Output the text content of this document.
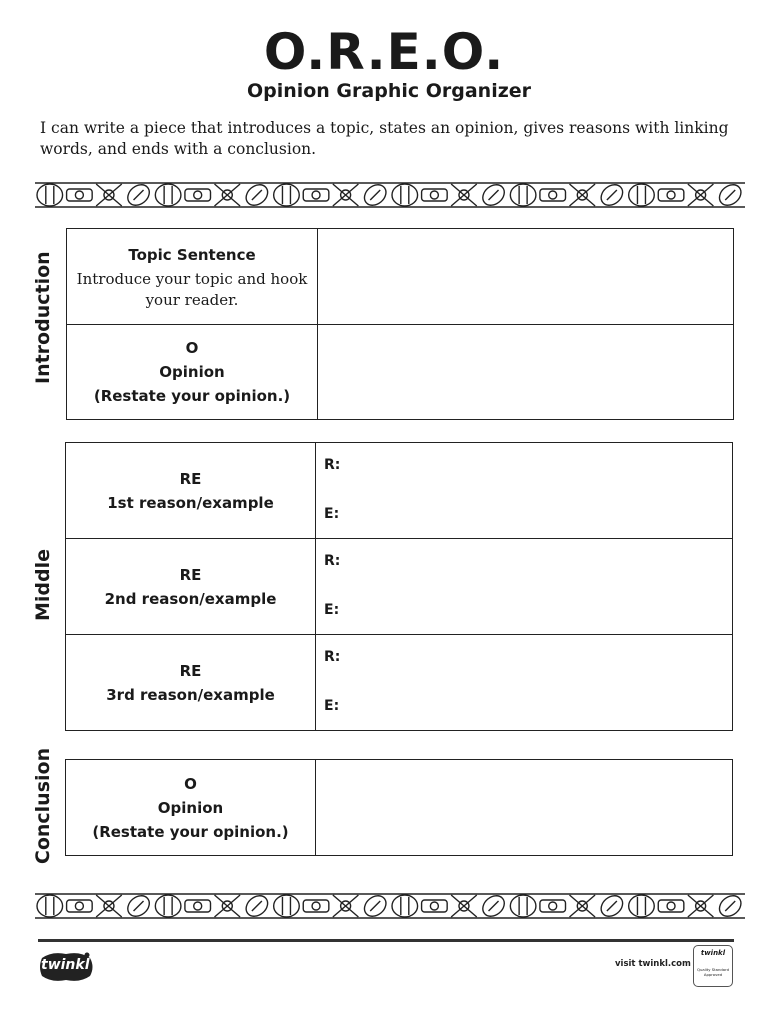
O.R.E.O.
Opinion Graphic Organizer
I can write a piece that introduces a topic, states an opinion, gives reasons with linking words, and ends with a conclusion.
Introduction
Middle
Conclusion
Topic Sentence
Introduce your topic and hook your reader.	

O
Opinion
(Restate your opinion.)	

RE
1st reason/example	R:
E:

RE
2nd reason/example	R:
E:

RE
3rd reason/example	R:
E:
O
Opinion
(Restate your opinion.)

twinkl	visit twinkl.com
twinkl
Quality Standard Approved
